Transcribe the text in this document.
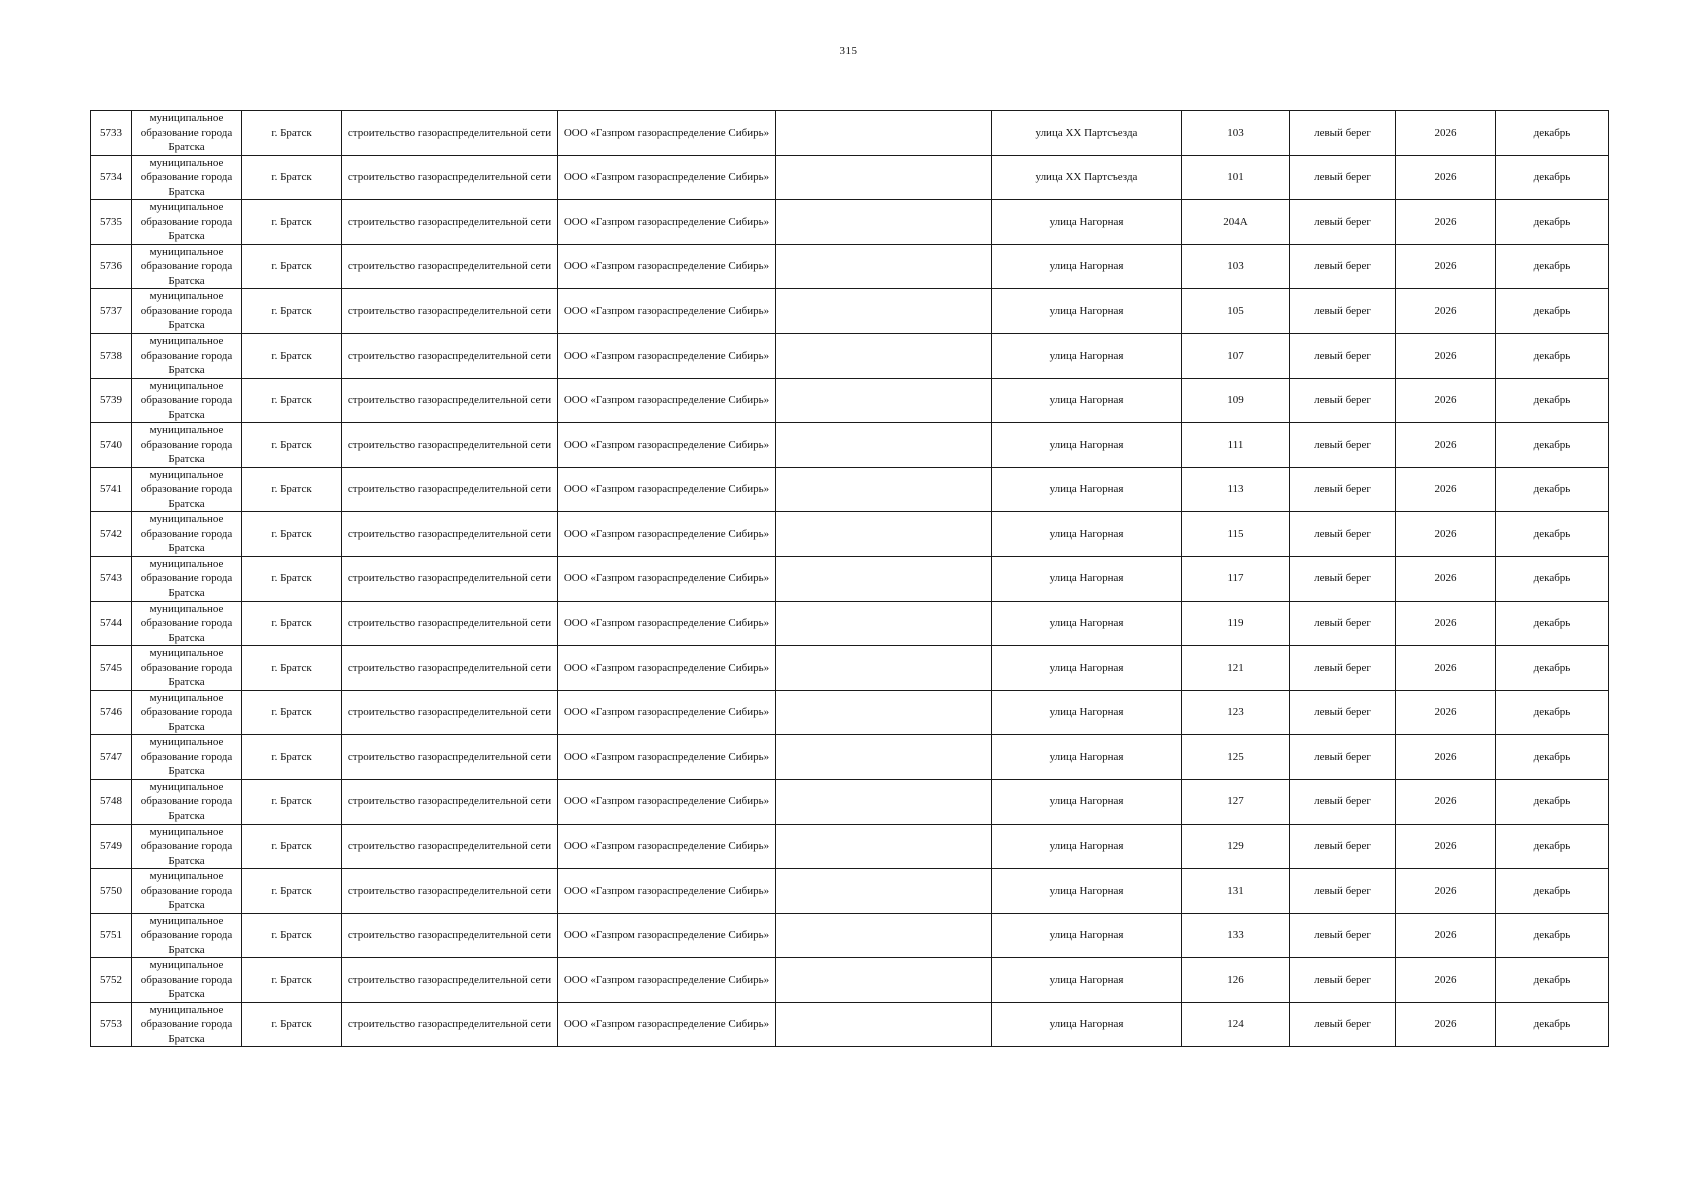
315
5733	муниципальное
образование города
Братска	г. Братск	строительство газораспределительной сети	ООО «Газпром газораспределение Сибирь»		улица XX Партсъезда	103	левый берег	2026	декабрь
5734	муниципальное
образование города
Братска	г. Братск	строительство газораспределительной сети	ООО «Газпром газораспределение Сибирь»		улица XX Партсъезда	101	левый берег	2026	декабрь
5735	муниципальное
образование города
Братска	г. Братск	строительство газораспределительной сети	ООО «Газпром газораспределение Сибирь»		улица Нагорная	204А	левый берег	2026	декабрь
5736	муниципальное
образование города
Братска	г. Братск	строительство газораспределительной сети	ООО «Газпром газораспределение Сибирь»		улица Нагорная	103	левый берег	2026	декабрь
5737	муниципальное
образование города
Братска	г. Братск	строительство газораспределительной сети	ООО «Газпром газораспределение Сибирь»		улица Нагорная	105	левый берег	2026	декабрь
5738	муниципальное
образование города
Братска	г. Братск	строительство газораспределительной сети	ООО «Газпром газораспределение Сибирь»		улица Нагорная	107	левый берег	2026	декабрь
5739	муниципальное
образование города
Братска	г. Братск	строительство газораспределительной сети	ООО «Газпром газораспределение Сибирь»		улица Нагорная	109	левый берег	2026	декабрь
5740	муниципальное
образование города
Братска	г. Братск	строительство газораспределительной сети	ООО «Газпром газораспределение Сибирь»		улица Нагорная	111	левый берег	2026	декабрь
5741	муниципальное
образование города
Братска	г. Братск	строительство газораспределительной сети	ООО «Газпром газораспределение Сибирь»		улица Нагорная	113	левый берег	2026	декабрь
5742	муниципальное
образование города
Братска	г. Братск	строительство газораспределительной сети	ООО «Газпром газораспределение Сибирь»		улица Нагорная	115	левый берег	2026	декабрь
5743	муниципальное
образование города
Братска	г. Братск	строительство газораспределительной сети	ООО «Газпром газораспределение Сибирь»		улица Нагорная	117	левый берег	2026	декабрь
5744	муниципальное
образование города
Братска	г. Братск	строительство газораспределительной сети	ООО «Газпром газораспределение Сибирь»		улица Нагорная	119	левый берег	2026	декабрь
5745	муниципальное
образование города
Братска	г. Братск	строительство газораспределительной сети	ООО «Газпром газораспределение Сибирь»		улица Нагорная	121	левый берег	2026	декабрь
5746	муниципальное
образование города
Братска	г. Братск	строительство газораспределительной сети	ООО «Газпром газораспределение Сибирь»		улица Нагорная	123	левый берег	2026	декабрь
5747	муниципальное
образование города
Братска	г. Братск	строительство газораспределительной сети	ООО «Газпром газораспределение Сибирь»		улица Нагорная	125	левый берег	2026	декабрь
5748	муниципальное
образование города
Братска	г. Братск	строительство газораспределительной сети	ООО «Газпром газораспределение Сибирь»		улица Нагорная	127	левый берег	2026	декабрь
5749	муниципальное
образование города
Братска	г. Братск	строительство газораспределительной сети	ООО «Газпром газораспределение Сибирь»		улица Нагорная	129	левый берег	2026	декабрь
5750	муниципальное
образование города
Братска	г. Братск	строительство газораспределительной сети	ООО «Газпром газораспределение Сибирь»		улица Нагорная	131	левый берег	2026	декабрь
5751	муниципальное
образование города
Братска	г. Братск	строительство газораспределительной сети	ООО «Газпром газораспределение Сибирь»		улица Нагорная	133	левый берег	2026	декабрь
5752	муниципальное
образование города
Братска	г. Братск	строительство газораспределительной сети	ООО «Газпром газораспределение Сибирь»		улица Нагорная	126	левый берег	2026	декабрь
5753	муниципальное
образование города
Братска	г. Братск	строительство газораспределительной сети	ООО «Газпром газораспределение Сибирь»		улица Нагорная	124	левый берег	2026	декабрь
